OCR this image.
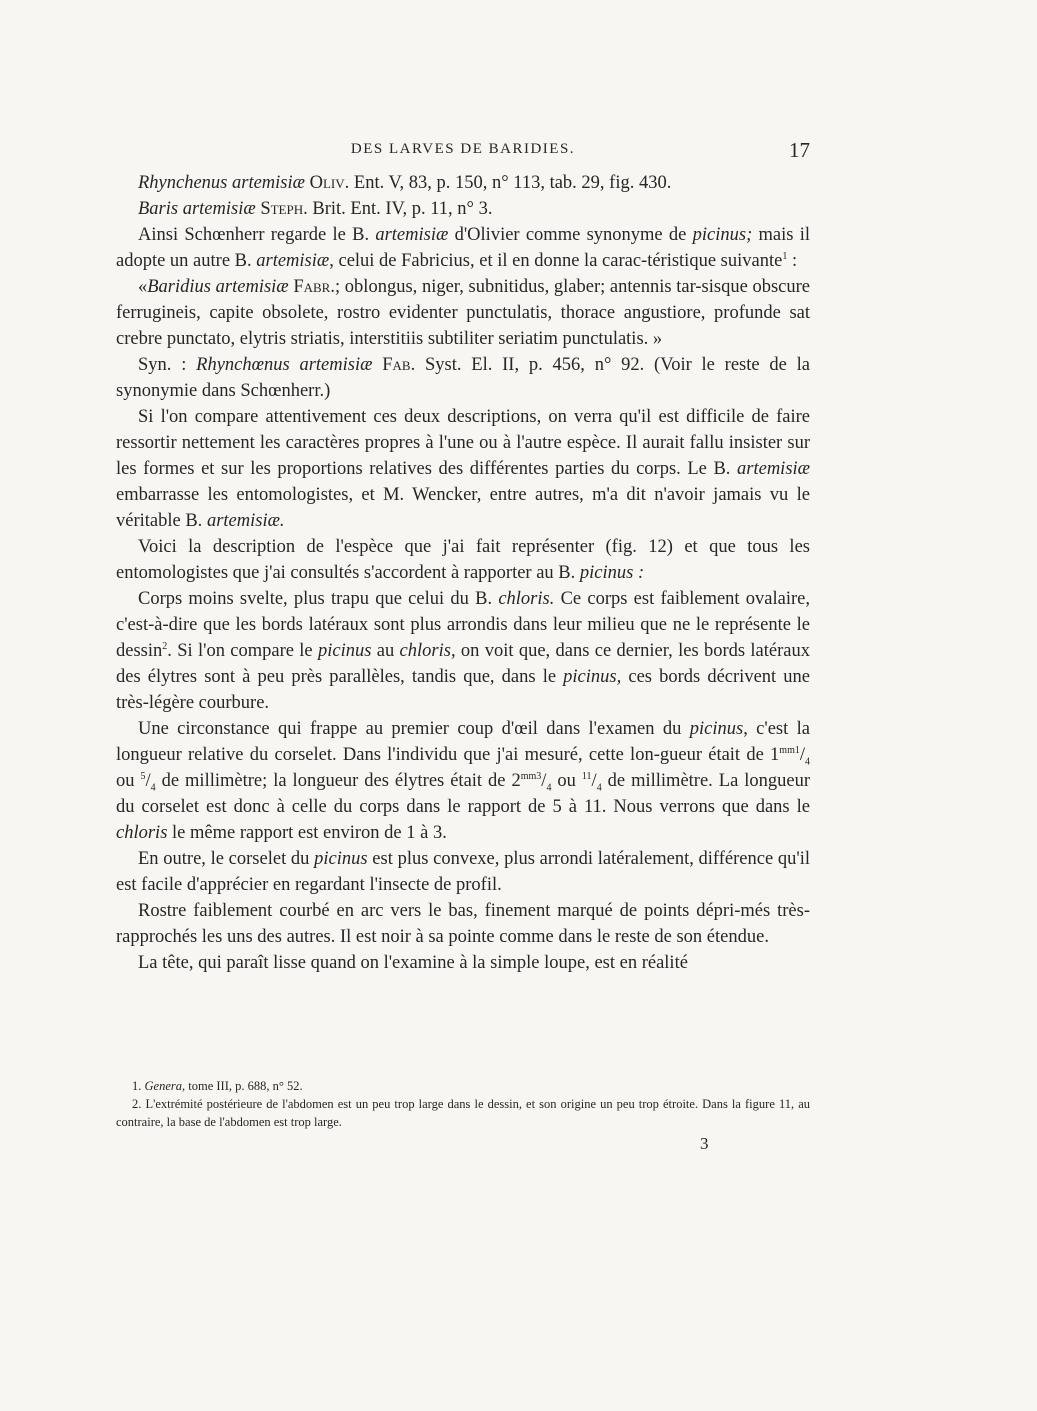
DES LARVES DE BARIDIES.	17

Rhynchenus artemisiæ Oliv. Ent. V, 83, p. 150, n° 113, tab. 29, fig. 430.

Baris artemisiæ Steph. Brit. Ent. IV, p. 11, n° 3.

Ainsi Schœnherr regarde le B. artemisiæ d'Olivier comme synonyme de picinus; mais il adopte un autre B. artemisiæ, celui de Fabricius, et il en donne la carac-téristique suivante$^1$ :

«Baridius artemisiæ Fabr.; oblongus, niger, subnitidus, glaber; antennis tar-sisque obscure ferrugineis, capite obsolete, rostro evidenter punctulatis, thorace angustiore, profunde sat crebre punctato, elytris striatis, interstitiis subtiliter seriatim punctulatis. »

Syn. : Rhynchœnus artemisiæ Fab. Syst. El. II, p. 456, n° 92. (Voir le reste de la synonymie dans Schœnherr.)

Si l'on compare attentivement ces deux descriptions, on verra qu'il est difficile de faire ressortir nettement les caractères propres à l'une ou à l'autre espèce. Il aurait fallu insister sur les formes et sur les proportions relatives des différentes parties du corps. Le B. artemisiæ embarrasse les entomologistes, et M. Wencker, entre autres, m'a dit n'avoir jamais vu le véritable B. artemisiæ.

Voici la description de l'espèce que j'ai fait représenter (fig. 12) et que tous les entomologistes que j'ai consultés s'accordent à rapporter au B. picinus :

Corps moins svelte, plus trapu que celui du B. chloris. Ce corps est faiblement ovalaire, c'est-à-dire que les bords latéraux sont plus arrondis dans leur milieu que ne le représente le dessin$^2$. Si l'on compare le picinus au chloris, on voit que, dans ce dernier, les bords latéraux des élytres sont à peu près parallèles, tandis que, dans le picinus, ces bords décrivent une très-légère courbure.

Une circonstance qui frappe au premier coup d'œil dans l'examen du picinus, c'est la longueur relative du corselet. Dans l'individu que j'ai mesuré, cette lon-gueur était de $1^{mm1}/_4$ ou $^5/_4$ de millimètre; la longueur des élytres était de $2^{mm3}/_4$ ou $^{11}/_4$ de millimètre. La longueur du corselet est donc à celle du corps dans le rapport de 5 à 11. Nous verrons que dans le chloris le même rapport est environ de 1 à 3.

En outre, le corselet du picinus est plus convexe, plus arrondi latéralement, différence qu'il est facile d'apprécier en regardant l'insecte de profil.

Rostre faiblement courbé en arc vers le bas, finement marqué de points dépri-més très-rapprochés les uns des autres. Il est noir à sa pointe comme dans le reste de son étendue.

La tête, qui paraît lisse quand on l'examine à la simple loupe, est en réalité

1. Genera, tome III, p. 688, n° 52.

2. L'extrémité postérieure de l'abdomen est un peu trop large dans le dessin, et son origine un peu trop étroite. Dans la figure 11, au contraire, la base de l'abdomen est trop large.

3
